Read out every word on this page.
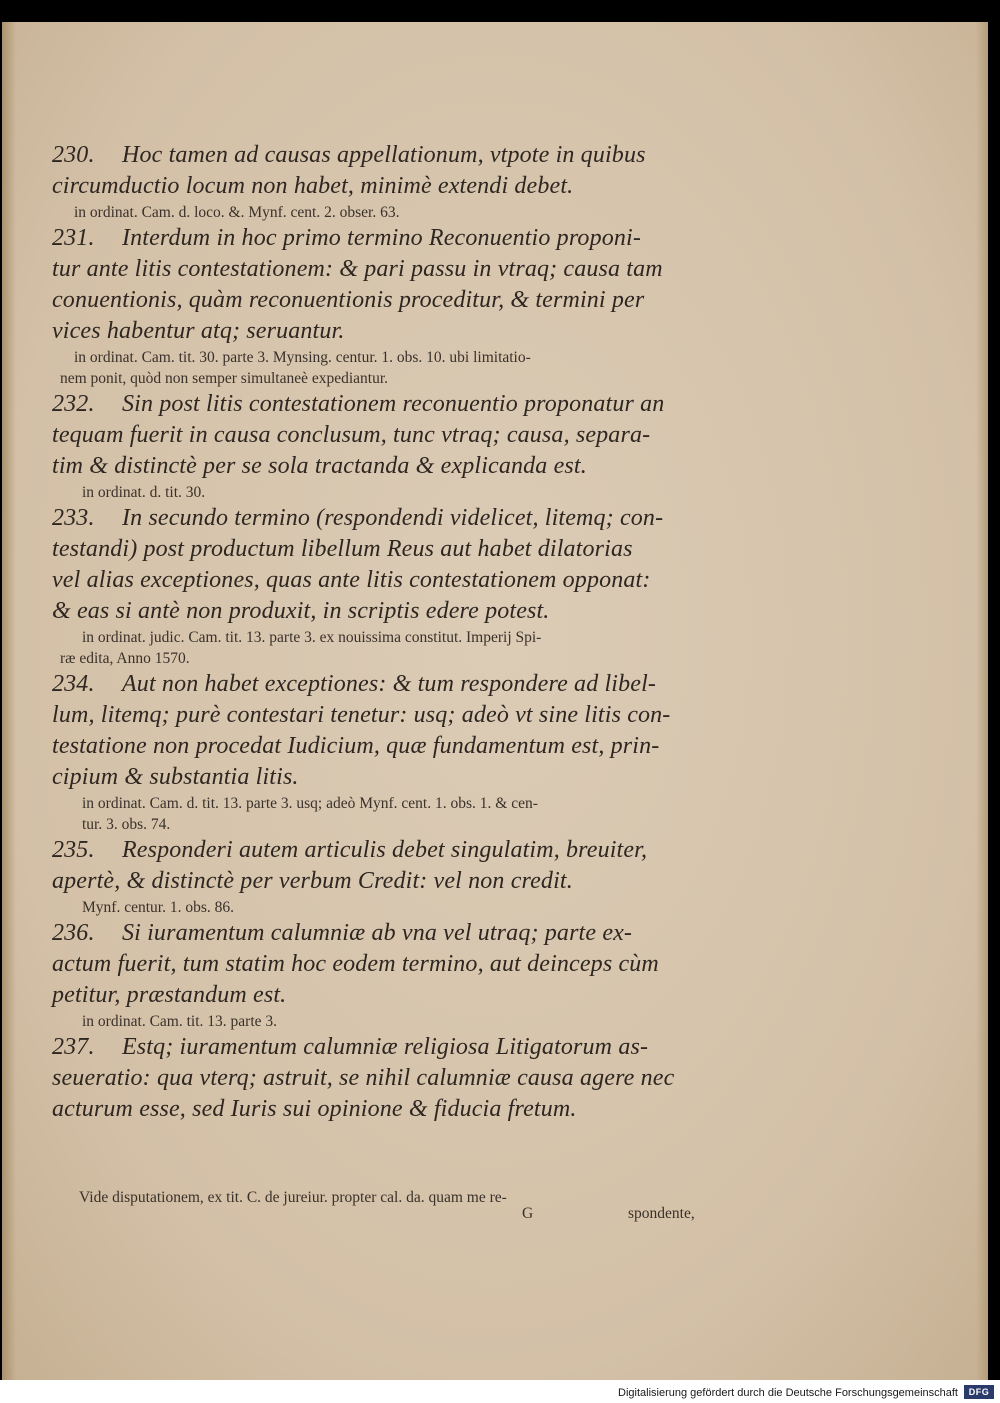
230. Hoc tamen ad causas appellationum, vtpote in quibus
circumductio locum non habet, minimè extendi debet.
in ordinat. Cam. d. loco. &. Mynf. cent. 2. obser. 63.
231. Interdum in hoc primo termino Reconuentio proponi-
tur ante litis contestationem: & pari passu in vtraq; causa tam
conuentionis, quàm reconuentionis proceditur, & termini per
vices habentur atq; seruantur.
in ordinat. Cam. tit. 30. parte 3. Mynsing. centur. 1. obs. 10. ubi limitatio-
nem ponit, quòd non semper simultaneè expediantur.
232. Sin post litis contestationem reconuentio proponatur an
tequam fuerit in causa conclusum, tunc vtraq; causa, separa-
tim & distinctè per se sola tractanda & explicanda est.
in ordinat. d. tit. 30.
233. In secundo termino (respondendi videlicet, litemq; con-
testandi) post productum libellum Reus aut habet dilatorias
vel alias exceptiones, quas ante litis contestationem opponat:
& eas si antè non produxit, in scriptis edere potest.
in ordinat. judic. Cam. tit. 13. parte 3. ex nouissima constitut. Imperij Spi-
ræ edita, Anno 1570.
234. Aut non habet exceptiones: & tum respondere ad libel-
lum, litemq; purè contestari tenetur: usq; adeò vt sine litis con-
testatione non procedat Iudicium, quæ fundamentum est, prin-
cipium & substantia litis.
in ordinat. Cam. d. tit. 13. parte 3. usq; adeò Mynf. cent. 1. obs. 1. & cen-
tur. 3. obs. 74.
235. Responderi autem articulis debet singulatim, breuiter,
apertè, & distinctè per verbum Credit: vel non credit.
Mynf. centur. 1. obs. 86.
236. Si iuramentum calumniæ ab vna vel utraq; parte ex-
actum fuerit, tum statim hoc eodem termino, aut deinceps cùm
petitur, præstandum est.
in ordinat. Cam. tit. 13. parte 3.
237. Estq; iuramentum calumniæ religiosa Litigatorum as-
seueratio: qua vterq; astruit, se nihil calumniæ causa agere nec
acturum esse, sed Iuris sui opinione & fiducia fretum.
Vide disputationem, ex tit. C. de jureiur. propter cal. da. quam me re-
G	spondente,
Digitalisierung gefördert durch die Deutsche Forschungsgemeinschaft	DFG
